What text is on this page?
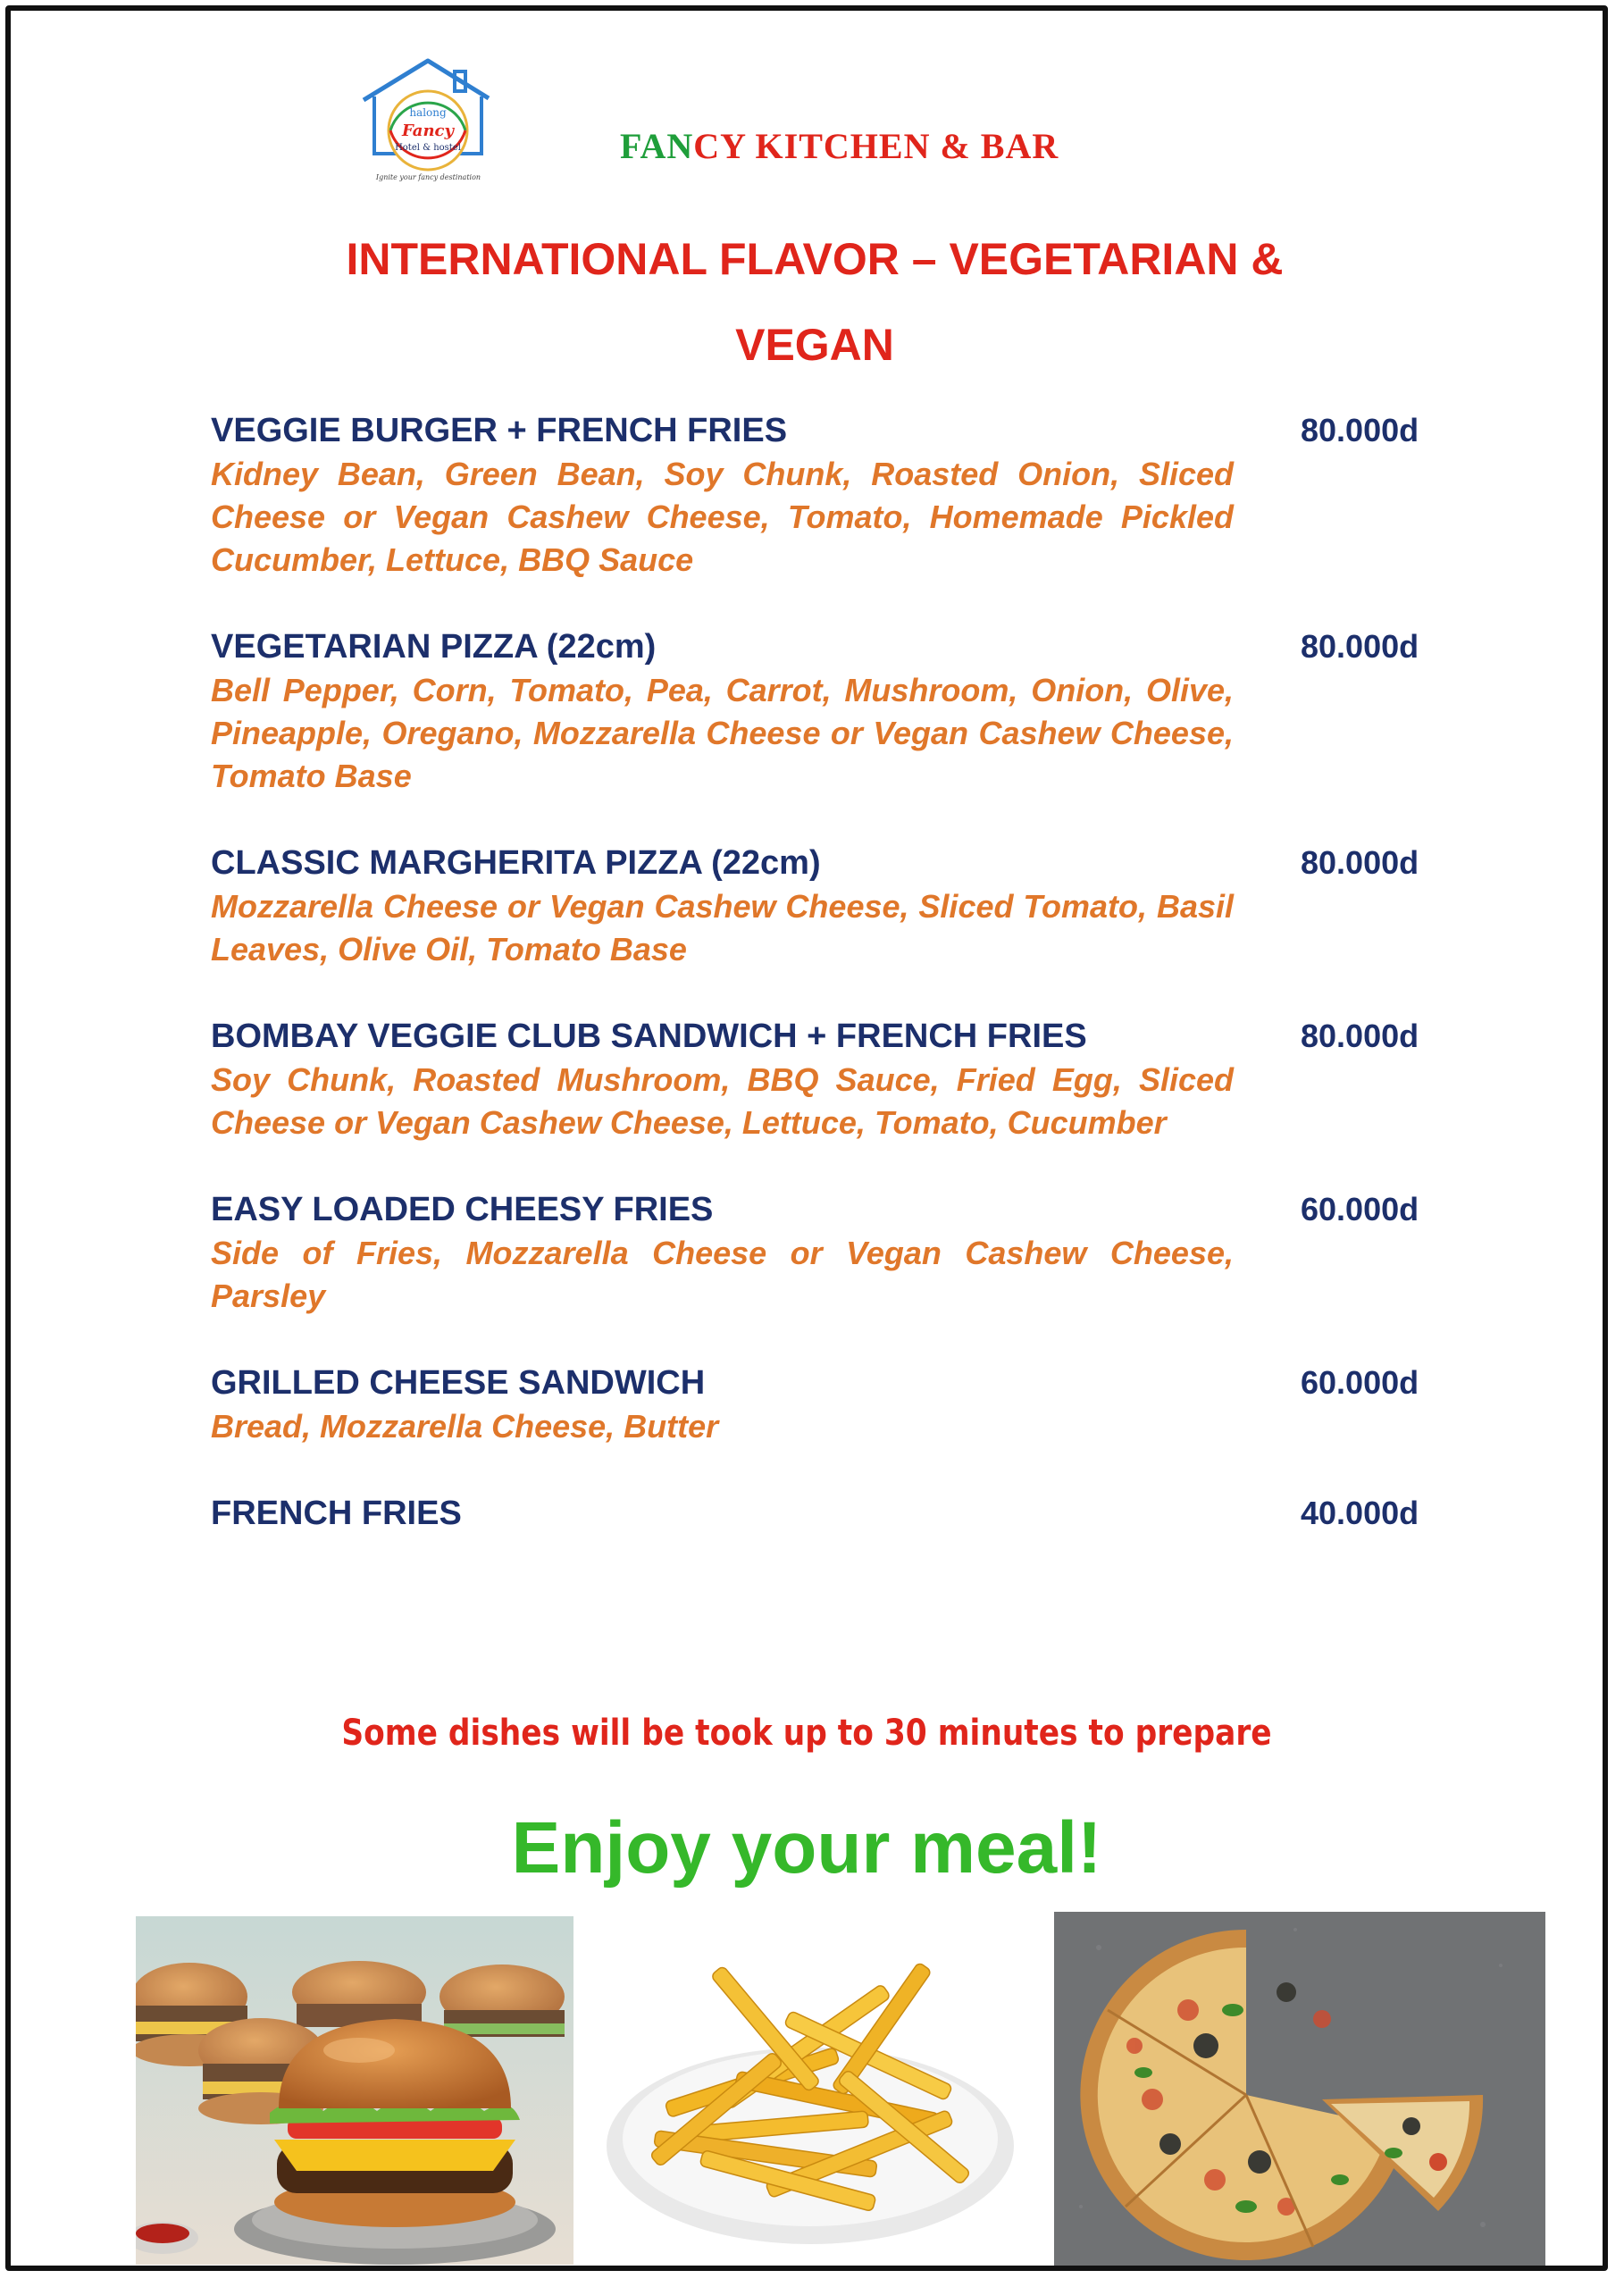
halong
Fancy
Hotel & hostel
Ignite your fancy destination
FANCY KITCHEN & BAR
INTERNATIONAL FLAVOR – VEGETARIAN &
VEGAN
VEGGIE BURGER + FRENCH FRIES	80.000d
Kidney Bean, Green Bean, Soy Chunk, Roasted Onion, Sliced Cheese or Vegan Cashew Cheese, Tomato, Homemade Pickled Cucumber, Lettuce, BBQ Sauce
VEGETARIAN PIZZA (22cm)	80.000d
Bell Pepper, Corn, Tomato, Pea, Carrot, Mushroom, Onion, Olive, Pineapple, Oregano, Mozzarella Cheese or Vegan Cashew Cheese, Tomato Base
CLASSIC MARGHERITA PIZZA (22cm)	80.000d
Mozzarella Cheese or Vegan Cashew Cheese, Sliced Tomato, Basil Leaves, Olive Oil, Tomato Base
BOMBAY VEGGIE CLUB SANDWICH + FRENCH FRIES	80.000d
Soy Chunk, Roasted Mushroom, BBQ Sauce, Fried Egg, Sliced Cheese or Vegan Cashew Cheese, Lettuce, Tomato, Cucumber
EASY LOADED CHEESY FRIES	60.000d
Side of Fries, Mozzarella Cheese or Vegan Cashew Cheese, Parsley
GRILLED CHEESE SANDWICH	60.000d
Bread, Mozzarella Cheese, Butter
FRENCH FRIES	40.000d
Some dishes will be took up to 30 minutes to prepare
Enjoy your meal!
